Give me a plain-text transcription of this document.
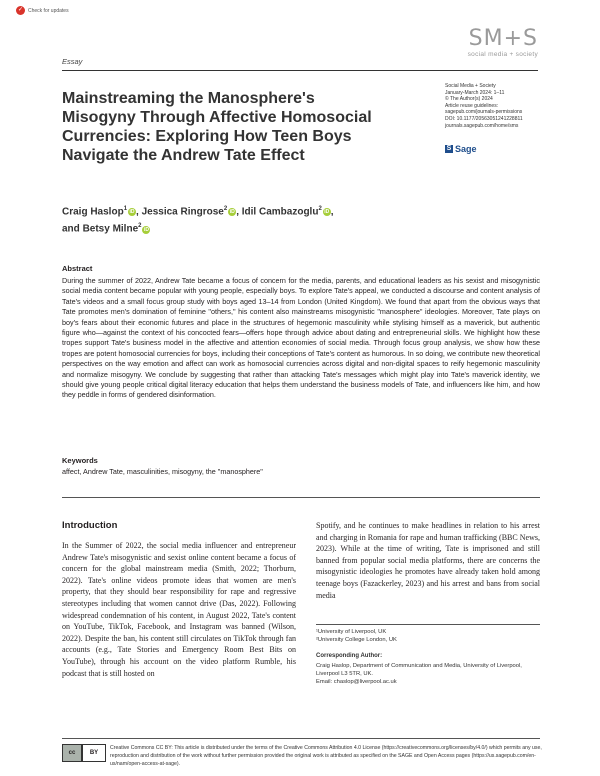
✓ Check for updates
Essay
SM+S
social media + society
Mainstreaming the Manosphere's Misogyny Through Affective Homosocial Currencies: Exploring How Teen Boys Navigate the Andrew Tate Effect
Social Media + Society
January-March 2024: 1–11
© The Author(s) 2024
Article reuse guidelines:
sagepub.com/journals-permissions
DOI: 10.1177/20563051241228811
journals.sagepub.com/home/sms
S Sage
Craig Haslop$^1$iD , Jessica Ringrose$^2$iD , Idil Cambazoglu$^2$iD ,
and Betsy Milne$^2$iD
Abstract
During the summer of 2022, Andrew Tate became a focus of concern for the media, parents, and educational leaders as his sexist and misogynistic social media content became popular with young people, especially boys. To explore Tate's appeal, we conducted a discourse and content analysis of Tate's videos and a small focus group study with boys aged 13–14 from London (United Kingdom). We found that apart from the obvious ways that Tate promotes men's domination of feminine "others," his content also mainstreams misogynistic "manosphere" ideologies. Moreover, Tate plays on boy's fears about their economic futures and place in the structures of hegemonic masculinity while stylising himself as a maverick, but authentic figure who—against the context of his concocted fears—offers hope through advice about dating and entrepreneurial skills. We highlight how these tropes support Tate's business model in the affective and attention economies of social media. Through focus group analysis, we show how these tropes are potent homosocial currencies for boys, including their conceptions of Tate's content as humorous. In so doing, we contribute new theoretical perspectives on the way emotion and affect can work as homosocial currencies across digital and non-digital spaces to reify hegemonic masculinity and normalize misogyny. We conclude by suggesting that rather than attacking Tate's messages which might play into Tate's maverick identity, we should give young people critical digital literacy education that helps them understand the business models of Tate, and influencers like him, and how they peddle in forms of gendered disinformation.
Keywords
affect, Andrew Tate, masculinities, misogyny, the "manosphere"
Introduction
In the Summer of 2022, the social media influencer and entrepreneur Andrew Tate's misogynistic and sexist online content became a focus of concern for the global mainstream media (Smith, 2022; Thorburn, 2022). Tate's online videos promote ideas that women are men's property, that they should bear responsibility for rape and regressive stereotypes including that women cannot drive (Das, 2022). Following widespread condemnation of his content, in August 2022, Tate's content on YouTube, TikTok, Facebook, and Instagram was banned (Wilson, 2022). Despite the ban, his content still circulates on TikTok through fan accounts (e.g., Tate Stories and Emergency Room Best Bits on YouTube), through his account on the video platform Rumble, his podcast that is still hosted on
Spotify, and he continues to make headlines in relation to his arrest and charging in Romania for rape and human trafficking (BBC News, 2023). While at the time of writing, Tate is imprisoned and still banned from popular social media platforms, there are concerns the misogynistic ideologies he promotes have already taken hold among teenage boys (Fazackerley, 2023) and his arrest and bans from social media
¹University of Liverpool, UK
²University College London, UK
Corresponding Author:
Craig Haslop, Department of Communication and Media, University of Liverpool, Liverpool L3 5TR, UK.
Email: chaslop@liverpool.ac.uk
cc	BY
Creative Commons CC BY: This article is distributed under the terms of the Creative Commons Attribution 4.0 License (https://creativecommons.org/licenses/by/4.0/) which permits any use, reproduction and distribution of the work without further permission provided the original work is attributed as specified on the SAGE and Open Access pages (https://us.sagepub.com/en-us/nam/open-access-at-sage).
